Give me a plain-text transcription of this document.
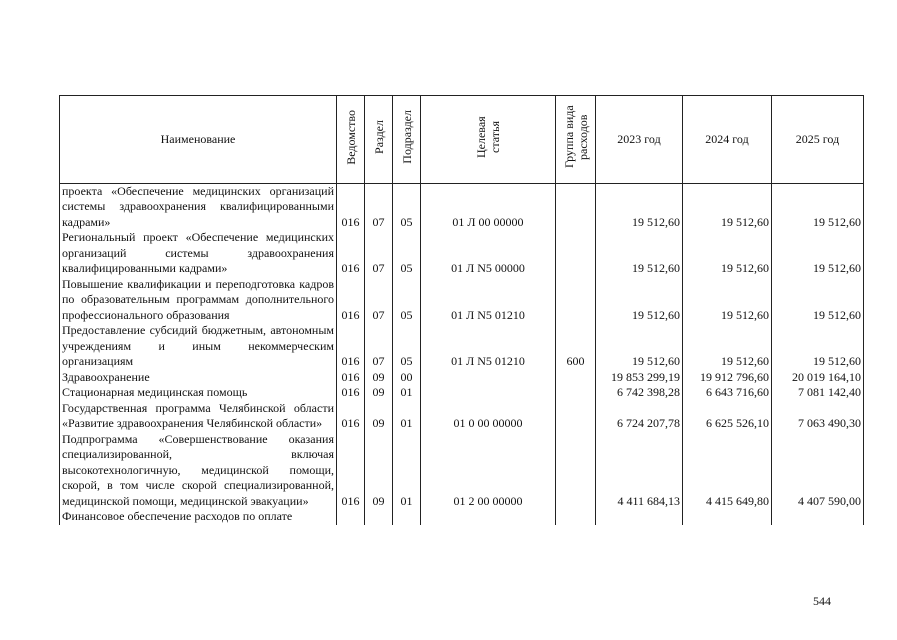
Наименование	Ведомство	Раздел	Подраздел	Целевая статья	Группа вида расходов	2023 год	2024 год	2025 год
проекта «Обеспечение медицинских организаций системы здравоохранения квалифицированными кадрами»	016	07	05	01 Л 00 00000		19 512,60	19 512,60	19 512,60
Региональный проект «Обеспечение медицинских организаций системы здравоохранения квалифицированными кадрами»	016	07	05	01 Л N5 00000		19 512,60	19 512,60	19 512,60
Повышение квалификации и переподготовка кадров по образовательным программам дополнительного профессионального образования	016	07	05	01 Л N5 01210		19 512,60	19 512,60	19 512,60
Предоставление субсидий бюджетным, автономным учреждениям и иным некоммерческим организациям	016	07	05	01 Л N5 01210	600	19 512,60	19 512,60	19 512,60
Здравоохранение	016	09	00			19 853 299,19	19 912 796,60	20 019 164,10
Стационарная медицинская помощь	016	09	01			6 742 398,28	6 643 716,60	7 081 142,40
Государственная программа Челябинской области «Развитие здравоохранения Челябинской области»	016	09	01	01 0 00 00000		6 724 207,78	6 625 526,10	7 063 490,30
Подпрограмма «Совершенствование оказания специализированной, включая высокотехнологичную, медицинской помощи, скорой, в том числе скорой специализированной, медицинской помощи, медицинской эвакуации»	016	09	01	01 2 00 00000		4 411 684,13	4 415 649,80	4 407 590,00
Финансовое обеспечение расходов по оплате								
544
